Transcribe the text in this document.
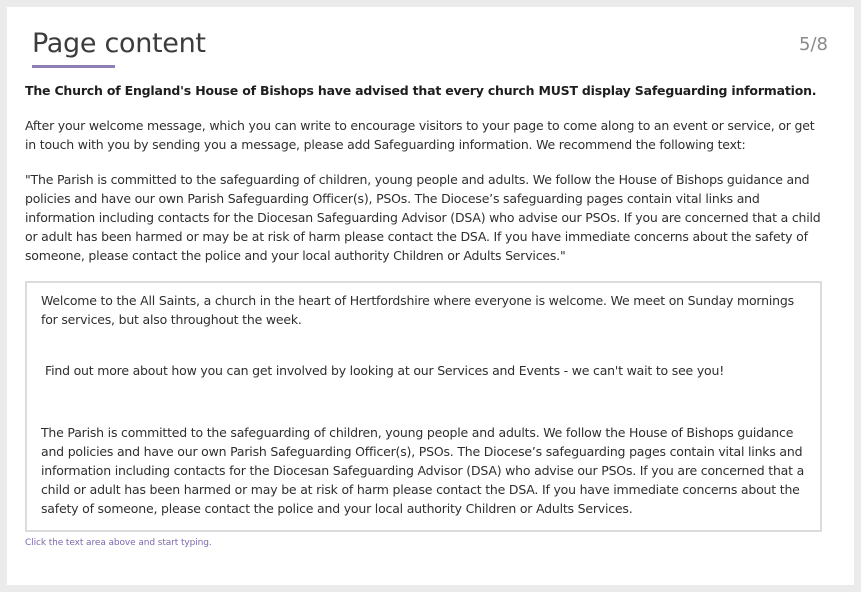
Page content	5/8

The Church of England's House of Bishops have advised that every church MUST display Safeguarding information.

After your welcome message, which you can write to encourage visitors to your page to come along to an event or service, or get in touch with you by sending you a message, please add Safeguarding information. We recommend the following text:

"The Parish is committed to the safeguarding of children, young people and adults. We follow the House of Bishops guidance and policies and have our own Parish Safeguarding Officer(s), PSOs. The Diocese’s safeguarding pages contain vital links and information including contacts for the Diocesan Safeguarding Advisor (DSA) who advise our PSOs. If you are concerned that a child or adult has been harmed or may be at risk of harm please contact the DSA. If you have immediate concerns about the safety of someone, please contact the police and your local authority Children or Adults Services."

Welcome to the All Saints, a church in the heart of Hertfordshire where everyone is welcome. We meet on Sunday mornings for services, but also throughout the week.

Find out more about how you can get involved by looking at our Services and Events - we can't wait to see you!

The Parish is committed to the safeguarding of children, young people and adults. We follow the House of Bishops guidance and policies and have our own Parish Safeguarding Officer(s), PSOs. The Diocese’s safeguarding pages contain vital links and information including contacts for the Diocesan Safeguarding Advisor (DSA) who advise our PSOs. If you are concerned that a child or adult has been harmed or may be at risk of harm please contact the DSA. If you have immediate concerns about the safety of someone, please contact the police and your local authority Children or Adults Services.

Click the text area above and start typing.
